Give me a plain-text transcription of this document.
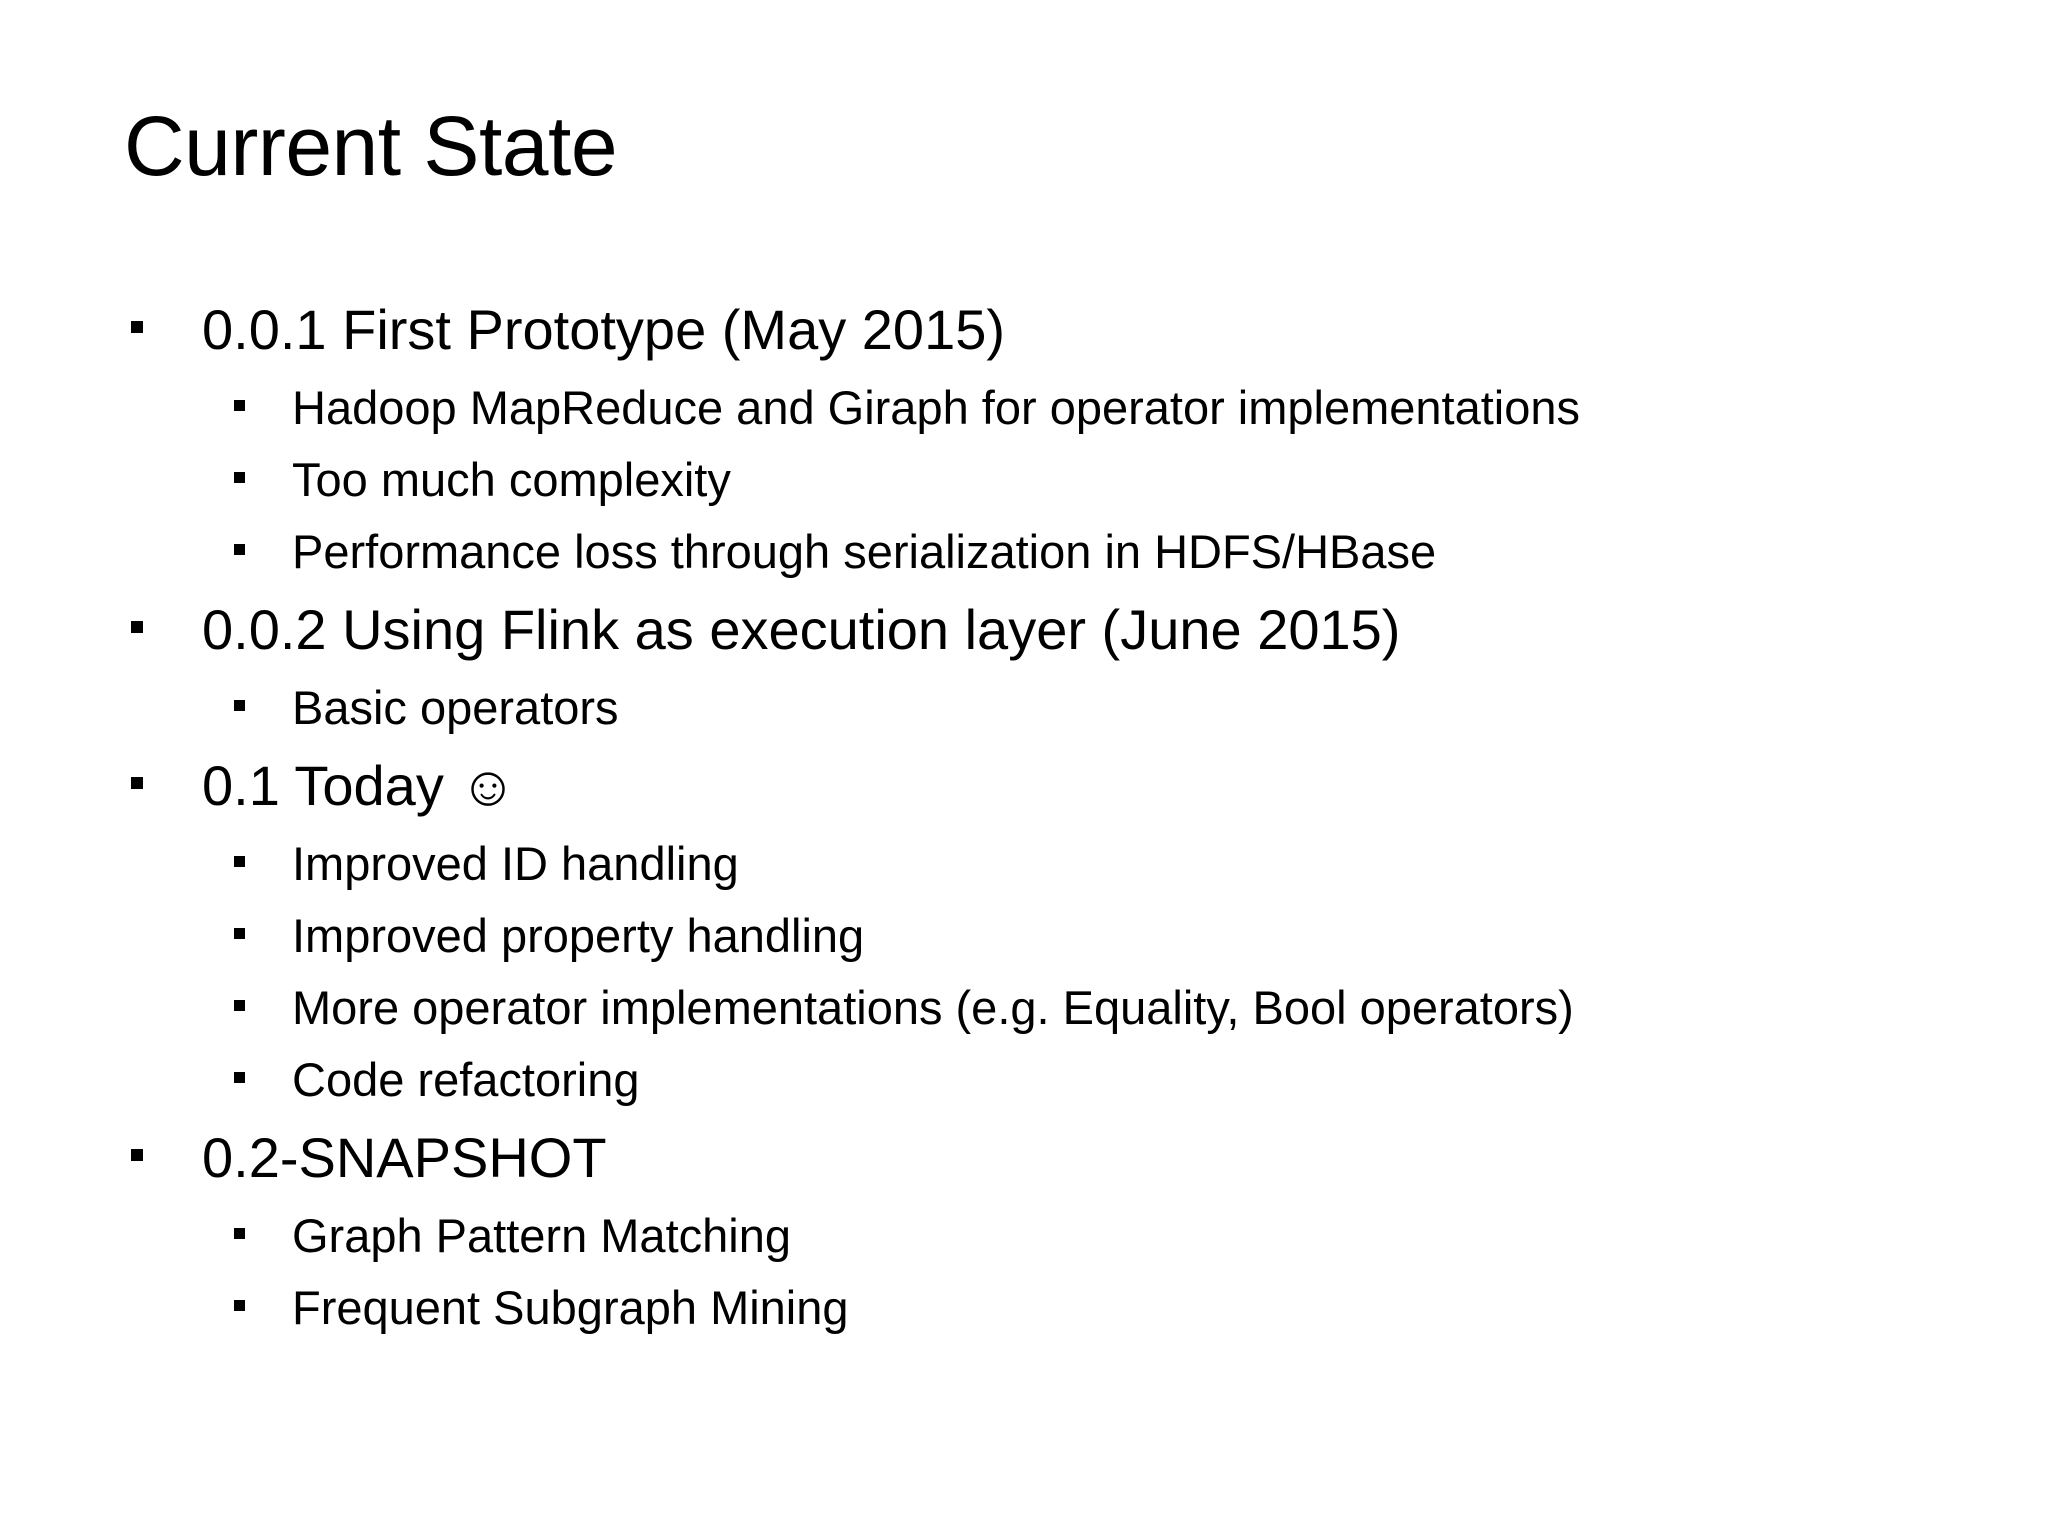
Current State
0.0.1 First Prototype (May 2015)
Hadoop MapReduce and Giraph for operator implementations
Too much complexity
Performance loss through serialization in HDFS/HBase
0.0.2 Using Flink as execution layer (June 2015)
Basic operators
0.1 Today ☺
Improved ID handling
Improved property handling
More operator implementations (e.g. Equality, Bool operators)
Code refactoring
0.2-SNAPSHOT
Graph Pattern Matching
Frequent Subgraph Mining
